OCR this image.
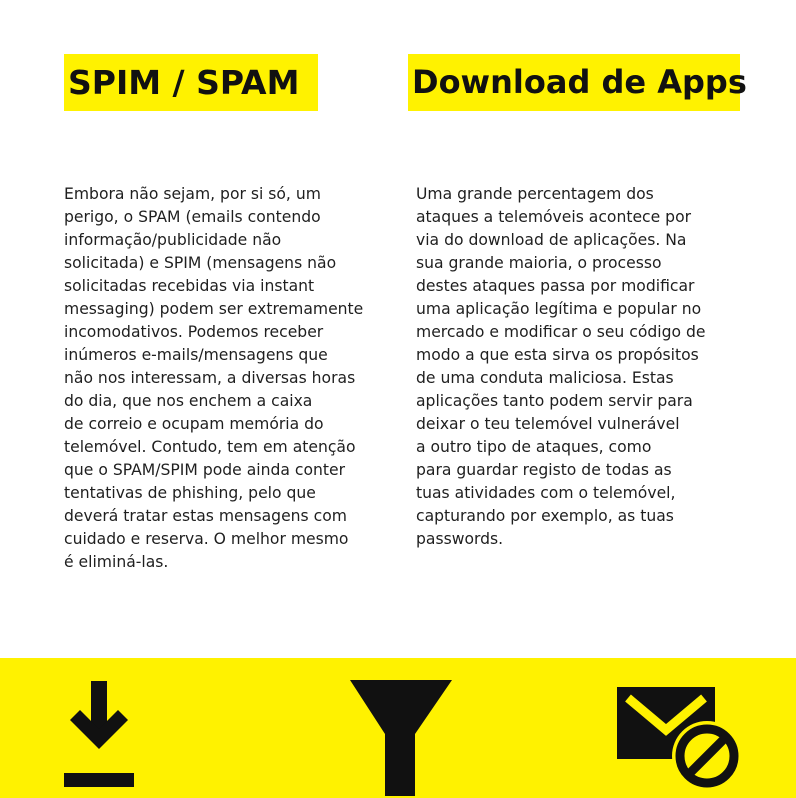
SPIM / SPAM	Download de Apps
Embora não sejam, por si só, um
perigo, o SPAM (emails contendo
informação/publicidade não
solicitada) e SPIM (mensagens não
solicitadas recebidas via instant
messaging) podem ser extremamente
incomodativos. Podemos receber
inúmeros e-mails/mensagens que
não nos interessam, a diversas horas
do dia, que nos enchem a caixa
de correio e ocupam memória do
telemóvel. Contudo, tem em atenção
que o SPAM/SPIM pode ainda conter
tentativas de phishing, pelo que
deverá tratar estas mensagens com
cuidado e reserva. O melhor mesmo
é eliminá-las.
Uma grande percentagem dos
ataques a telemóveis acontece por
via do download de aplicações. Na
sua grande maioria, o processo
destes ataques passa por modificar
uma aplicação legítima e popular no
mercado e modificar o seu código de
modo a que esta sirva os propósitos
de uma conduta maliciosa. Estas
aplicações tanto podem servir para
deixar o teu telemóvel vulnerável
a outro tipo de ataques, como
para guardar registo de todas as
tuas atividades com o telemóvel,
capturando por exemplo, as tuas
passwords.
